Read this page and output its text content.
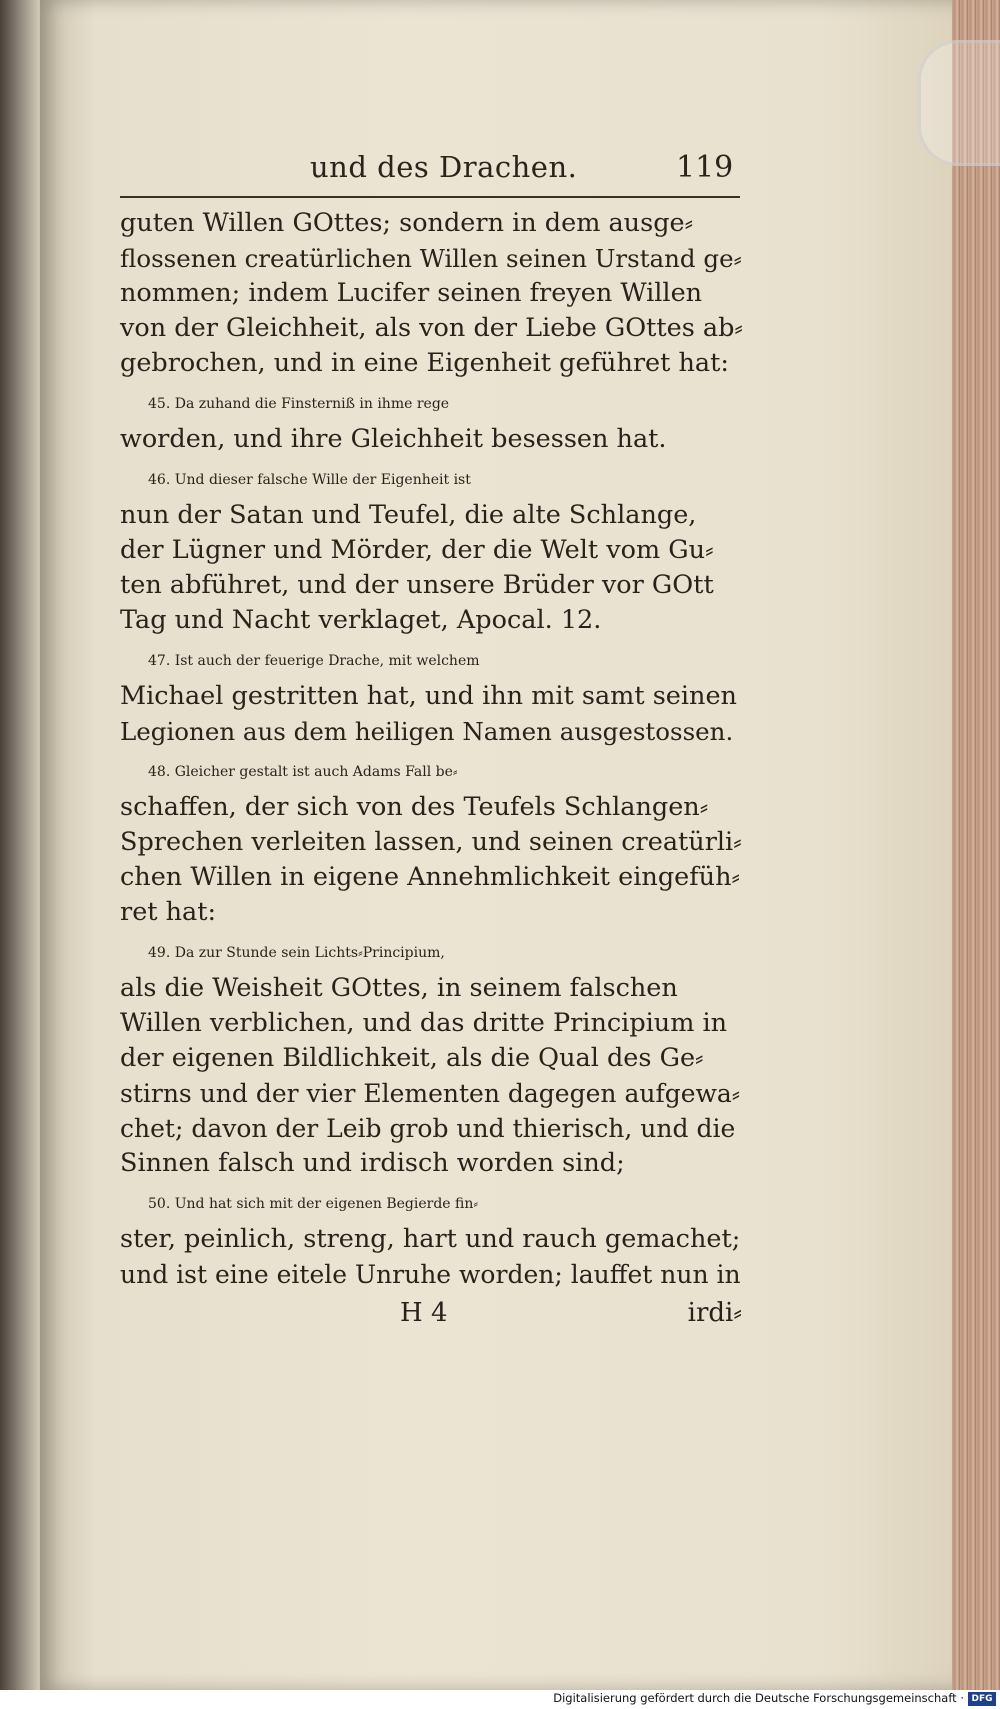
und des Drachen.	119
guten Willen GOttes; sondern in dem ausge⸗
flossenen creatürlichen Willen seinen Urstand ge⸗
nommen; indem Lucifer seinen freyen Willen
von der Gleichheit, als von der Liebe GOttes ab⸗
gebrochen, und in eine Eigenheit geführet hat:
45. Da zuhand die Finsterniß in ihme rege
worden, und ihre Gleichheit besessen hat.
46. Und dieser falsche Wille der Eigenheit ist
nun der Satan und Teufel, die alte Schlange,
der Lügner und Mörder, der die Welt vom Gu⸗
ten abführet, und der unsere Brüder vor GOtt
Tag und Nacht verklaget, Apocal. 12.
47. Ist auch der feuerige Drache, mit welchem
Michael gestritten hat, und ihn mit samt seinen
Legionen aus dem heiligen Namen ausgestossen.
48. Gleicher gestalt ist auch Adams Fall be⸗
schaffen, der sich von des Teufels Schlangen⸗
Sprechen verleiten lassen, und seinen creatürli⸗
chen Willen in eigene Annehmlichkeit eingefüh⸗
ret hat:
49. Da zur Stunde sein Lichts⸗Principium,
als die Weisheit GOttes, in seinem falschen
Willen verblichen, und das dritte Principium in
der eigenen Bildlichkeit, als die Qual des Ge⸗
stirns und der vier Elementen dagegen aufgewa⸗
chet; davon der Leib grob und thierisch, und die
Sinnen falsch und irdisch worden sind;
50. Und hat sich mit der eigenen Begierde fin⸗
ster, peinlich, streng, hart und rauch gemachet;
und ist eine eitele Unruhe worden; lauffet nun in
H 4	irdi⸗
Digitalisierung gefördert durch die Deutsche Forschungsgemeinschaft · DFG
